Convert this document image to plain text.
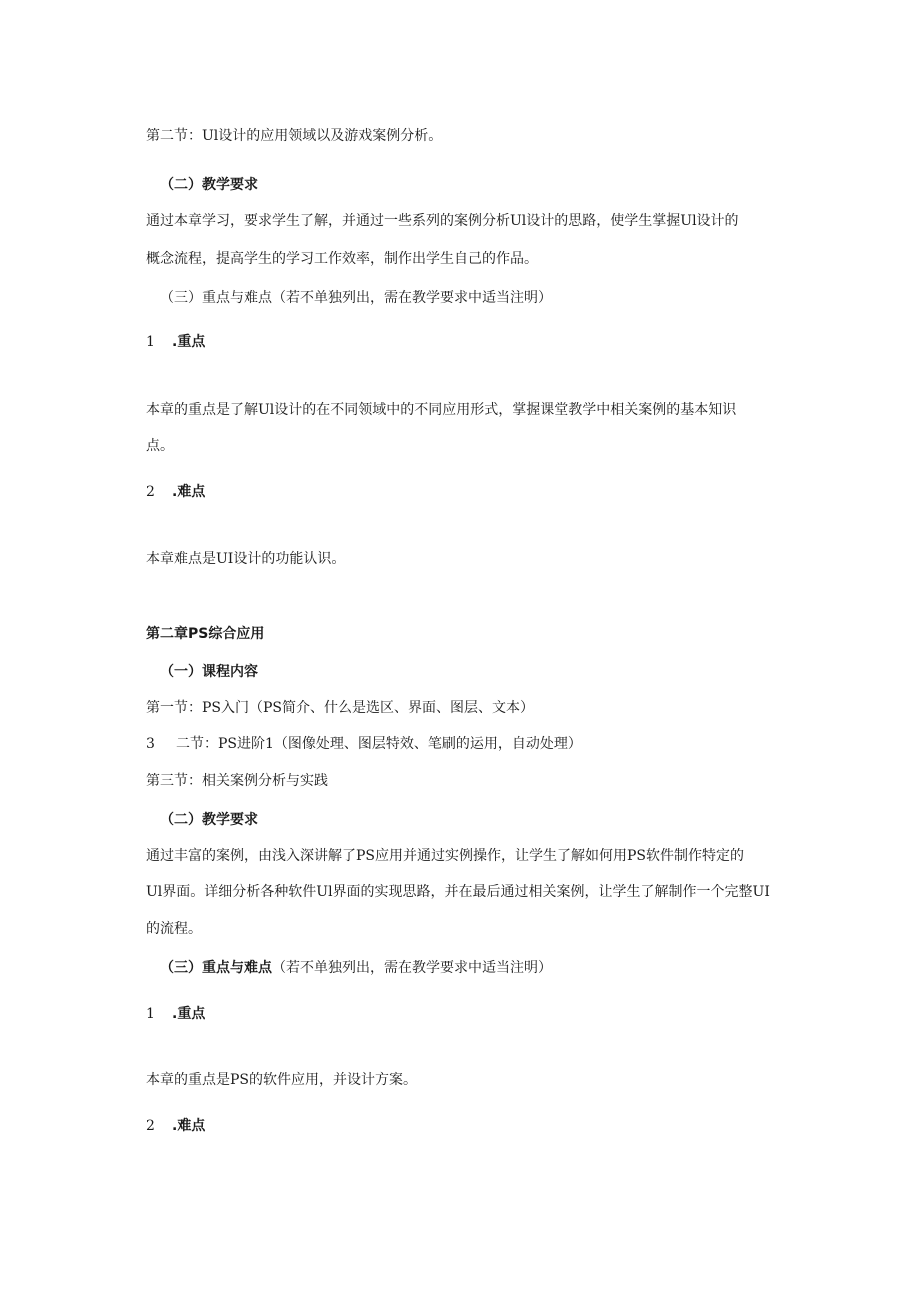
第二节：Ul设计的应用领域以及游戏案例分析。
（二）教学要求
通过本章学习，要求学生了解，并通过一些系列的案例分析Ul设计的思路，使学生掌握Ul设计的
概念流程，提高学生的学习工作效率，制作出学生自己的作品。
（三）重点与难点（若不单独列出，需在教学要求中适当注明）
1 .重点
本章的重点是了解Ul设计的在不同领域中的不同应用形式，掌握课堂教学中相关案例的基本知识
点。
2 .难点
本章难点是UI设计的功能认识。
第二章PS综合应用
（一）课程内容
第一节：PS入门（PS简介、什么是选区、界面、图层、文本）
3 二节：PS进阶1（图像处理、图层特效、笔刷的运用，自动处理）
第三节：相关案例分析与实践
（二）教学要求
通过丰富的案例，由浅入深讲解了PS应用并通过实例操作，让学生了解如何用PS软件制作特定的
Ul界面。详细分析各种软件Ul界面的实现思路，并在最后通过相关案例，让学生了解制作一个完整UI
的流程。
（三）重点与难点（若不单独列出，需在教学要求中适当注明）
1 .重点
本章的重点是PS的软件应用，并设计方案。
2 .难点
